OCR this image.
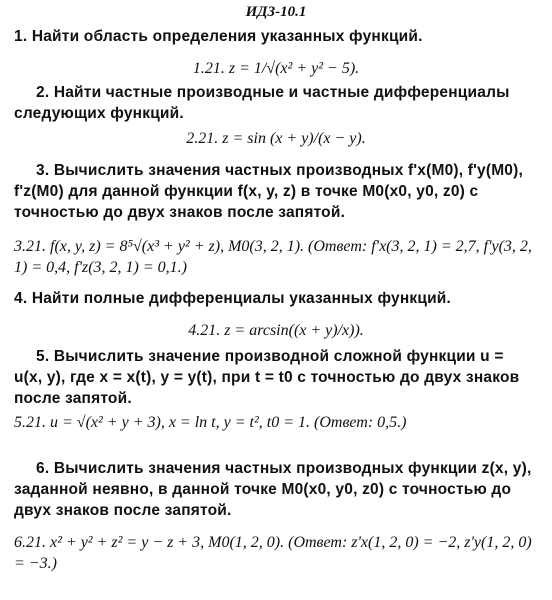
ИДЗ-10.1
1. Найти область определения указанных функций.
1.21. z = 1/√(x² + y² − 5).
2. Найти частные производные и частные дифференциалы следующих функций.
2.21. z = sin (x + y)/(x − y).
3. Вычислить значения частных производных f'x(M0), f'y(M0), f'z(M0) для данной функции f(x, y, z) в точке M0(x0, y0, z0) с точностью до двух знаков после запятой.
3.21. f(x, y, z) = 8⁵√(x³ + y² + z), M0(3, 2, 1). (Ответ: f'x(3, 2, 1) = 2,7, f'y(3, 2, 1) = 0,4, f'z(3, 2, 1) = 0,1.)
4. Найти полные дифференциалы указанных функций.
4.21. z = arcsin((x + y)/x)).
5. Вычислить значение производной сложной функции u = u(x, y), где x = x(t), y = y(t), при t = t0 с точностью до двух знаков после запятой.
5.21. u = √(x² + y + 3), x = ln t, y = t², t0 = 1. (Ответ: 0,5.)
6. Вычислить значения частных производных функции z(x, y), заданной неявно, в данной точке M0(x0, y0, z0) с точностью до двух знаков после запятой.
6.21. x² + y² + z² = y − z + 3, M0(1, 2, 0). (Ответ: z'x(1, 2, 0) = −2, z'y(1, 2, 0) = −3.)
